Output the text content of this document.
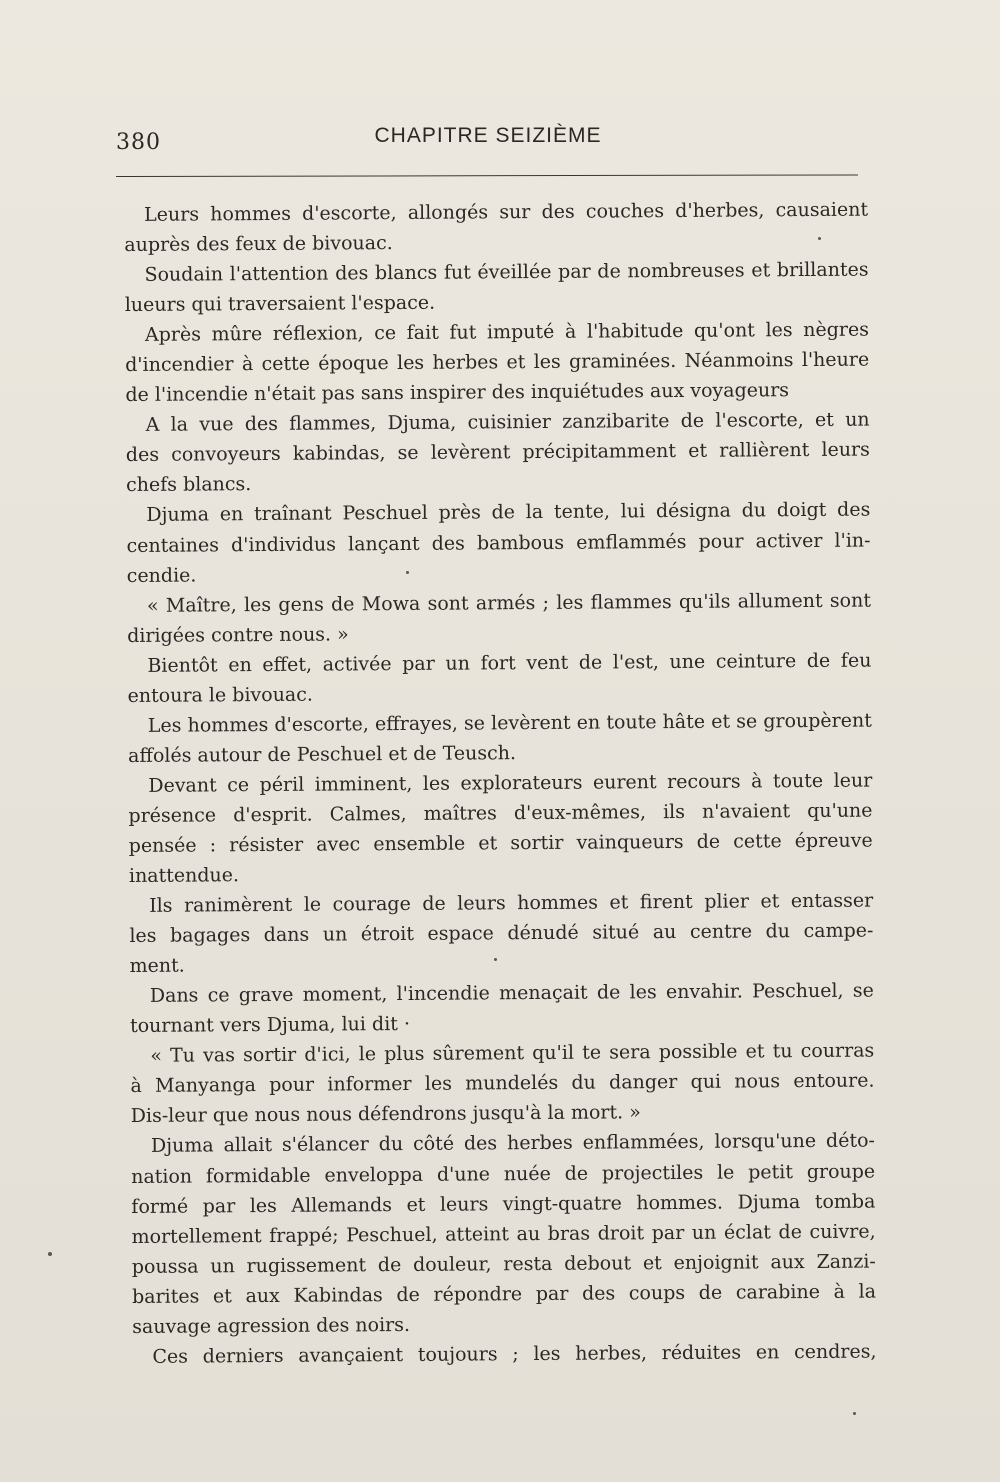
380	CHAPITRE SEIZIÈME
Leurs hommes d'escorte, allongés sur des couches d'herbes, causaient
auprès des feux de bivouac.
Soudain l'attention des blancs fut éveillée par de nombreuses et brillantes
lueurs qui traversaient l'espace.
Après mûre réflexion, ce fait fut imputé à l'habitude qu'ont les nègres
d'incendier à cette époque les herbes et les graminées. Néanmoins l'heure
de l'incendie n'était pas sans inspirer des inquiétudes aux voyageurs
A la vue des flammes, Djuma, cuisinier zanzibarite de l'escorte, et un
des convoyeurs kabindas, se levèrent précipitamment et rallièrent leurs
chefs blancs.
Djuma en traînant Peschuel près de la tente, lui désigna du doigt des
centaines d'individus lançant des bambous emflammés pour activer l'in-
cendie.
« Maître, les gens de Mowa sont armés ; les flammes qu'ils allument sont
dirigées contre nous. »
Bientôt en effet, activée par un fort vent de l'est, une ceinture de feu
entoura le bivouac.
Les hommes d'escorte, effrayes, se levèrent en toute hâte et se groupèrent
affolés autour de Peschuel et de Teusch.
Devant ce péril imminent, les explorateurs eurent recours à toute leur
présence d'esprit. Calmes, maîtres d'eux-mêmes, ils n'avaient qu'une
pensée : résister avec ensemble et sortir vainqueurs de cette épreuve
inattendue.
Ils ranimèrent le courage de leurs hommes et firent plier et entasser
les bagages dans un étroit espace dénudé situé au centre du campe-
ment.
Dans ce grave moment, l'incendie menaçait de les envahir. Peschuel, se
tournant vers Djuma, lui dit ·
« Tu vas sortir d'ici, le plus sûrement qu'il te sera possible et tu courras
à Manyanga pour informer les mundelés du danger qui nous entoure.
Dis-leur que nous nous défendrons jusqu'à la mort. »
Djuma allait s'élancer du côté des herbes enflammées, lorsqu'une déto-
nation formidable enveloppa d'une nuée de projectiles le petit groupe
formé par les Allemands et leurs vingt-quatre hommes. Djuma tomba
mortellement frappé; Peschuel, atteint au bras droit par un éclat de cuivre,
poussa un rugissement de douleur, resta debout et enjoignit aux Zanzi-
barites et aux Kabindas de répondre par des coups de carabine à la
sauvage agression des noirs.
Ces derniers avançaient toujours ; les herbes, réduites en cendres,
